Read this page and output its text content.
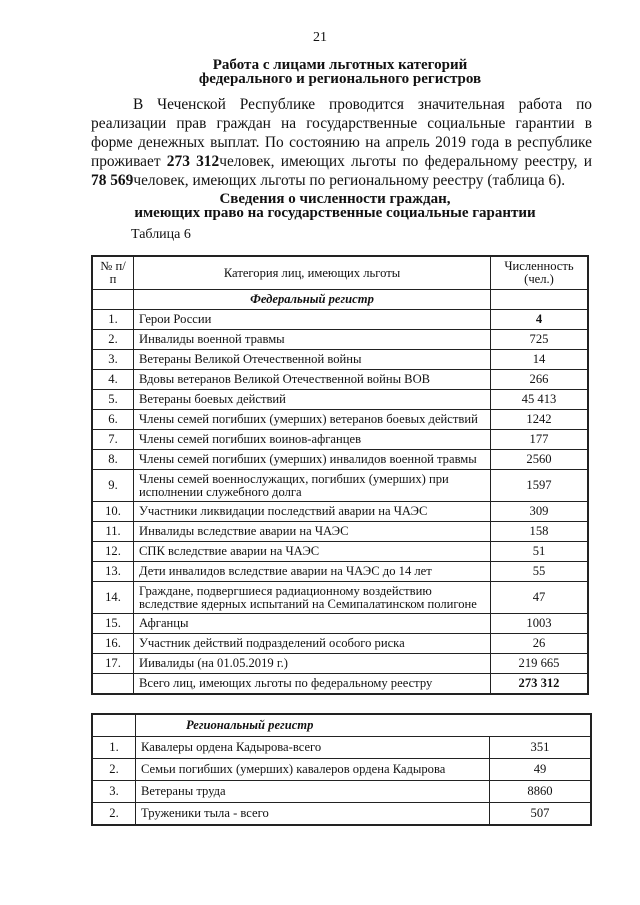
21
Работа с лицами льготных категорий
федерального и регионального регистров
В Чеченской Республике проводится значительная работа по реализации прав граждан на государственные социальные гарантии в форме денежных выплат. По состоянию на апрель 2019 года в республике проживает 273 312человек, имеющих льготы по федеральному реестру, и 78 569человек, имеющих льготы по региональному реестру (таблица 6).
Сведения о численности граждан,
имеющих право на государственные социальные гарантии
Таблица 6
№ п/п	Категория лиц, имеющих льготы	Численность (чел.)
	Федеральный регистр	
1.	Герои России	4
2.	Инвалиды военной травмы	725
3.	Ветераны Великой Отечественной войны	14
4.	Вдовы ветеранов Великой Отечественной войны ВОВ	266
5.	Ветераны боевых действий	45 413
6.	Члены семей погибших (умерших) ветеранов боевых действий	1242
7.	Члены семей погибших воинов-афганцев	177
8.	Члены семей погибших (умерших) инвалидов военной травмы	2560
9.	Члены семей военнослужащих, погибших (умерших) при исполнении служебного долга	1597
10.	Участники ликвидации последствий аварии на ЧАЭС	309
11.	Инвалиды вследствие аварии на ЧАЭС	158
12.	СПК вследствие аварии на ЧАЭС	51
13.	Дети инвалидов вследствие аварии на ЧАЭС до 14 лет	55
14.	Граждане, подвергшиеся радиационному воздействию вследствие ядерных испытаний на Семипалатинском полигоне	47
15.	Афганцы	1003
16.	Участник действий подразделений особого риска	26
17.	Иивалиды (на 01.05.2019 г.)	219 665
	Всего лиц, имеющих льготы по федеральному реестру	273 312
	Региональный регистр	
1.	Кавалеры ордена Кадырова-всего	351
2.	Семьи погибших (умерших) кавалеров ордена Кадырова	49
3.	Ветераны труда	8860
2.	Труженики тыла - всего	507
